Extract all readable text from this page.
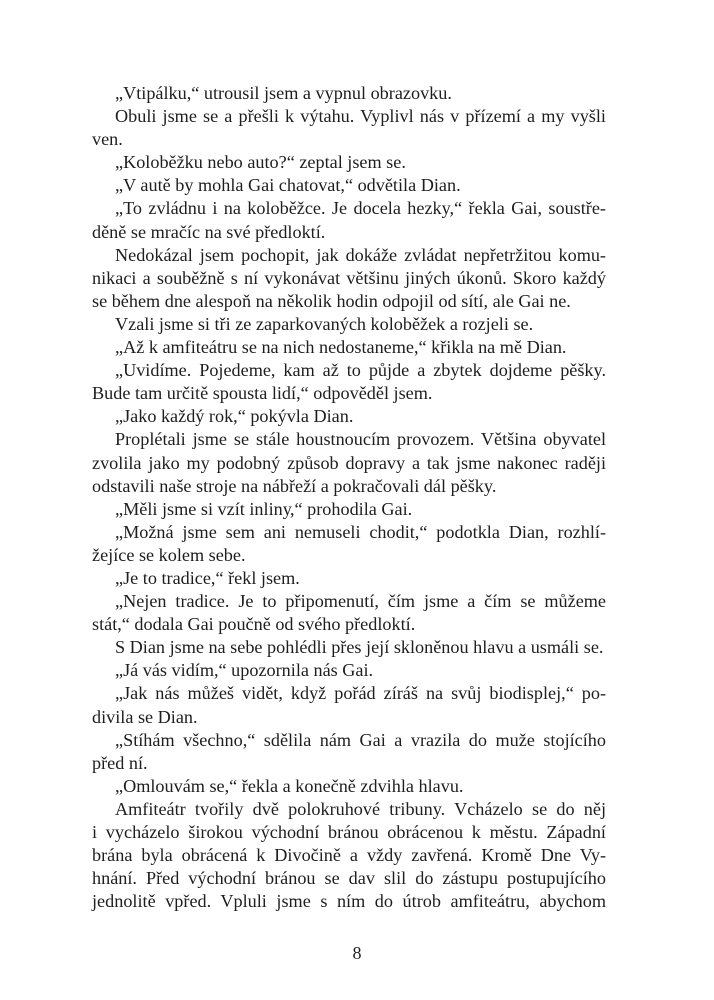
„Vtipálku,“ utrousil jsem a vypnul obrazovku.
Obuli jsme se a přešli k výtahu. Vyplivl nás v přízemí a my vyšli
ven.
„Koloběžku nebo auto?“ zeptal jsem se.
„V autě by mohla Gai chatovat,“ odvětila Dian.
„To zvládnu i na koloběžce. Je docela hezky,“ řekla Gai, soustře-
děně se mračíc na své předloktí.
Nedokázal jsem pochopit, jak dokáže zvládat nepřetržitou komu-
nikaci a souběžně s ní vykonávat většinu jiných úkonů. Skoro každý
se během dne alespoň na několik hodin odpojil od sítí, ale Gai ne.
Vzali jsme si tři ze zaparkovaných koloběžek a rozjeli se.
„Až k amfiteátru se na nich nedostaneme,“ křikla na mě Dian.
„Uvidíme. Pojedeme, kam až to půjde a zbytek dojdeme pěšky.
Bude tam určitě spousta lidí,“ odpověděl jsem.
„Jako každý rok,“ pokývla Dian.
Proplétali jsme se stále houstnoucím provozem. Většina obyvatel
zvolila jako my podobný způsob dopravy a tak jsme nakonec raději
odstavili naše stroje na nábřeží a pokračovali dál pěšky.
„Měli jsme si vzít inlinу,“ prohodila Gai.
„Možná jsme sem ani nemuseli chodit,“ podotkla Dian, rozhlí-
žejíce se kolem sebe.
„Je to tradice,“ řekl jsem.
„Nejen tradice. Je to připomenutí, čím jsme a čím se můžeme
stát,“ dodala Gai poučně od svého předloktí.
S Dian jsme na sebe pohlédli přes její skloněnou hlavu a usmáli se.
„Já vás vidím,“ upozornila nás Gai.
„Jak nás můžeš vidět, když pořád zíráš na svůj biodisplej,“ po-
divila se Dian.
„Stíhám všechno,“ sdělila nám Gai a vrazila do muže stojícího
před ní.
„Omlouvám se,“ řekla a konečně zdvihla hlavu.
Amfiteátr tvořily dvě polokruhové tribuny. Vcházelo se do něj
i vycházelo širokou východní bránou obrácenou k městu. Západní
brána byla obrácená k Divočině a vždy zavřená. Kromě Dne Vy-
hnání. Před východní bránou se dav slil do zástupu postupujícího
jednolitě vpřed. Vpluli jsme s ním do útrob amfiteátru, abychom
8
